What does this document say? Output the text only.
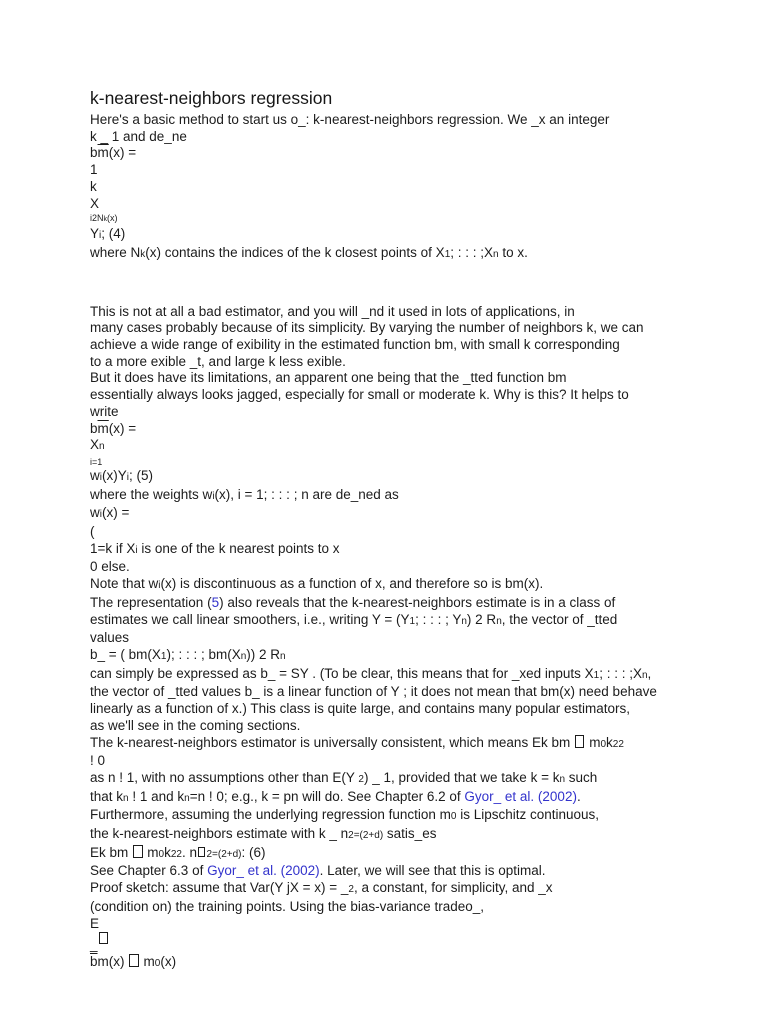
k-nearest-neighbors regression
Here's a basic method to start us o_: k-nearest-neighbors regression. We _x an integer
k _ 1 and de_ne
$b\overline{m}(x)$ =
1
k
X
i2Nk(x)
Yi; (4)
where Nk(x) contains the indices of the k closest points of X1; : : : ;Xn to x.
This is not at all a bad estimator, and you will _nd it used in lots of applications, in
many cases probably because of its simplicity. By varying the number of neighbors k, we can
achieve a wide range of exibility in the estimated function bm, with small k corresponding
to a more exible _t, and large k less exible.
But it does have its limitations, an apparent one being that the _tted function bm
essentially always looks jagged, especially for small or moderate k. Why is this? It helps to
write
$b\overline{m}(x)$ =
Xn
i=1
wi(x)Yi; (5)
where the weights wi(x), i = 1; : : : ; n are de_ned as
wi(x) =
(
1=k if Xi is one of the k nearest points to x
0 else.
Note that wi(x) is discontinuous as a function of x, and therefore so is bm(x).
The representation (5) also reveals that the k-nearest-neighbors estimate is in a class of
estimates we call linear smoothers, i.e., writing Y = (Y1; : : : ; Yn) 2 Rn, the vector of _tted
values
b_ = ( bm(X1); : : : ; bm(Xn)) 2 Rn
can simply be expressed as b_ = SY . (To be clear, this means that for _xed inputs X1; : : : ;Xn,
the vector of _tted values b_ is a linear function of Y ; it does not mean that bm(x) need behave
linearly as a function of x.) This class is quite large, and contains many popular estimators,
as we'll see in the coming sections.
The k-nearest-neighbors estimator is universally consistent, which means Ek bm  m0k22
! 0
as n ! 1, with no assumptions other than E(Y 2) _ 1, provided that we take k = kn such
that kn ! 1 and kn=n ! 0; e.g., k = pn will do. See Chapter 6.2 of Gyor_ et al. (2002).
Furthermore, assuming the underlying regression function m0 is Lipschitz continuous,
the k-nearest-neighbors estimate with k _ n2=(2+d) satis_es
Ek bm  m0k22. n 2=(2+d): (6)
See Chapter 6.3 of Gyor_ et al. (2002). Later, we will see that this is optimal.
Proof sketch: assume that Var(Y jX = x) = _2, a constant, for simplicity, and _x
(condition on) the training points. Using the bias-variance tradeo_,
E
_
$\overline{b}m(x)$  m0(x)
